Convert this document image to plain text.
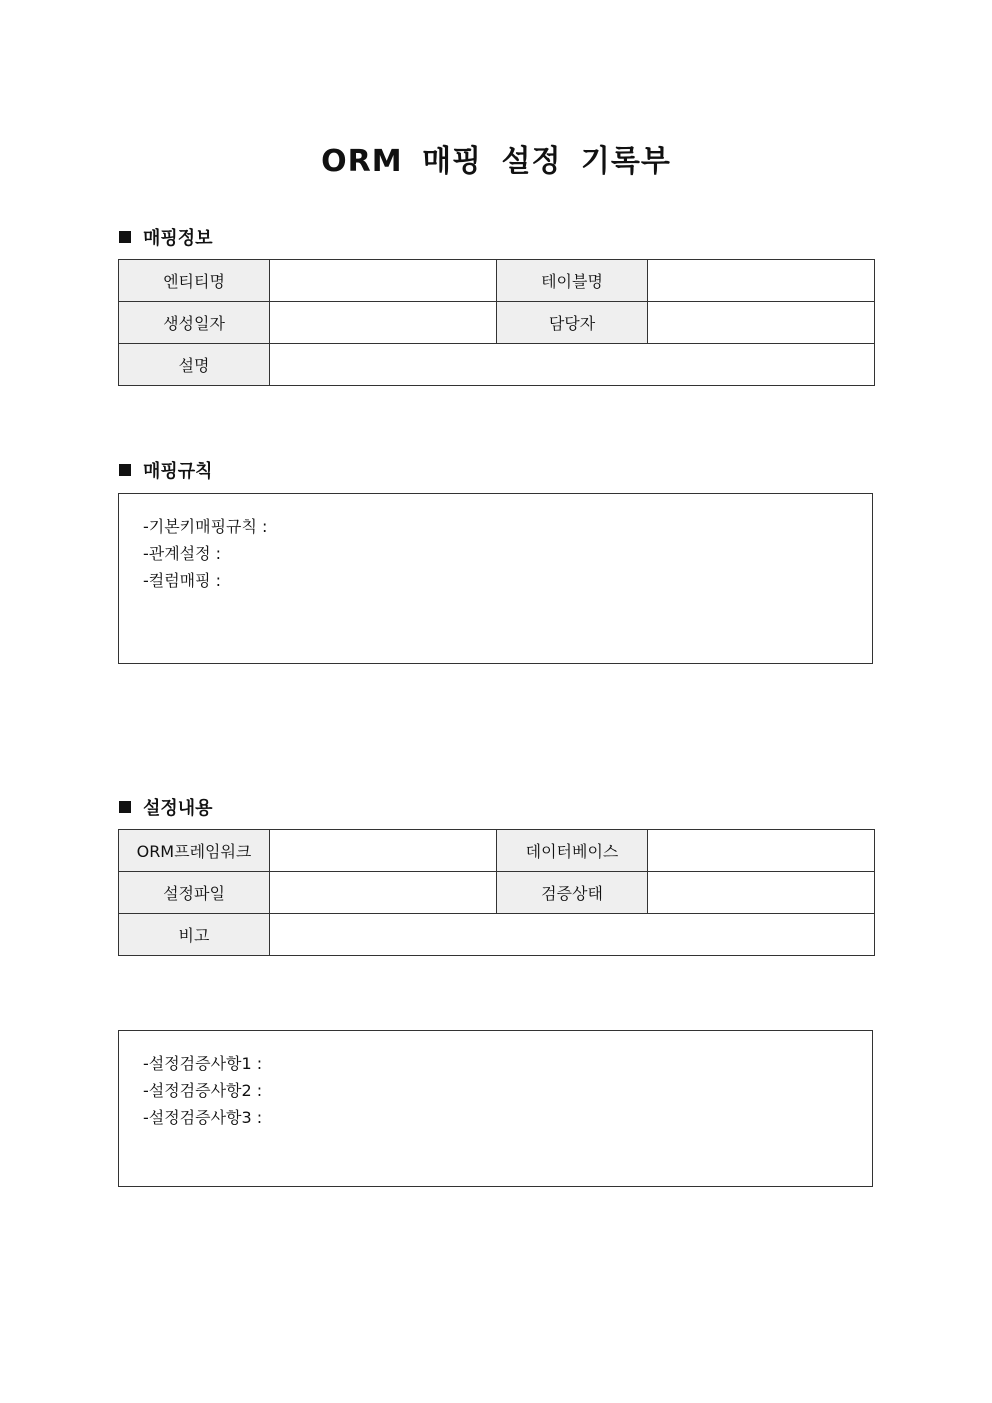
ORM 매핑 설정 기록부
매핑정보
엔티티명		테이블명	
생성일자		담당자	
설명			
매핑규칙
-기본키매핑규칙 :
-관계설정 :
-컬럼매핑 :
설정내용
ORM프레임워크		데이터베이스	
설정파일		검증상태	
비고			
-설정검증사항1 :
-설정검증사항2 :
-설정검증사항3 :
